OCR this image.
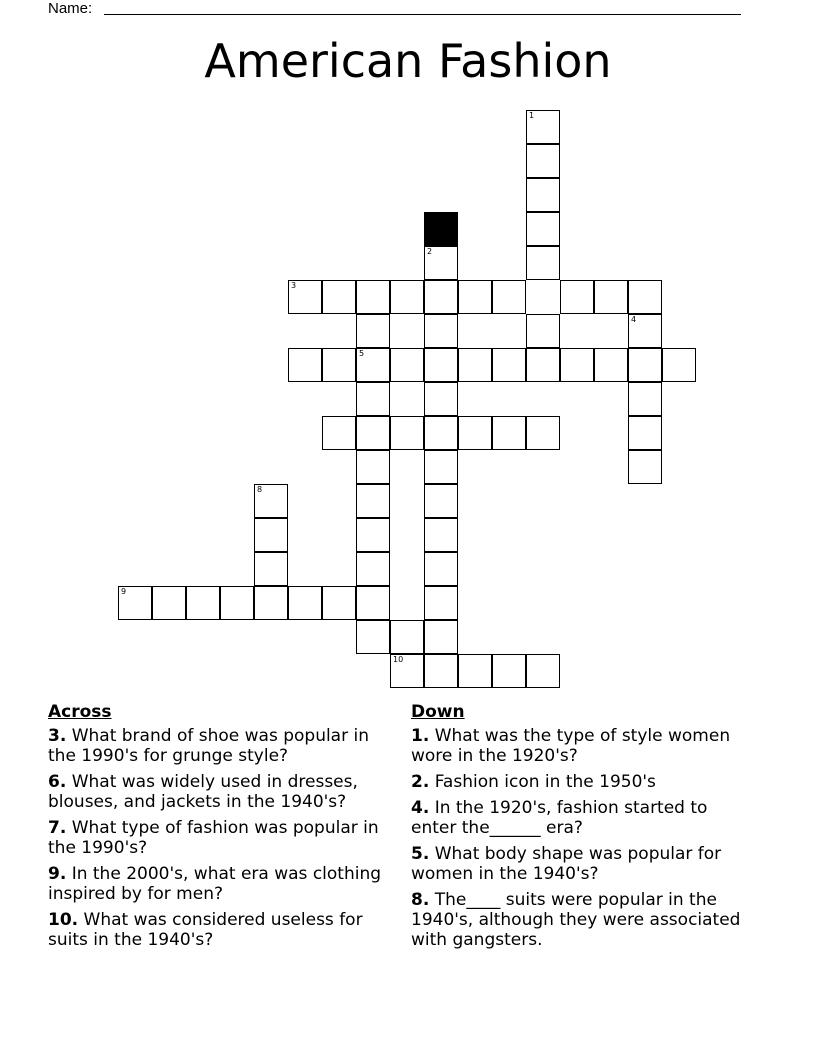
Name:
American Fashion
1
2
5
3
4
8
9
10
Across
3. What brand of shoe was popular in the 1990's for grunge style?
6. What was widely used in dresses, blouses, and jackets in the 1940's?
7. What type of fashion was popular in the 1990's?
9. In the 2000's, what era was clothing inspired by for men?
10. What was considered useless for suits in the 1940's?
Down
1. What was the type of style women wore in the 1920's?
2. Fashion icon in the 1950's
4. In the 1920's, fashion started to enter the______ era?
5. What body shape was popular for women in the 1940's?
8. The____ suits were popular in the 1940's, although they were associated with gangsters.
